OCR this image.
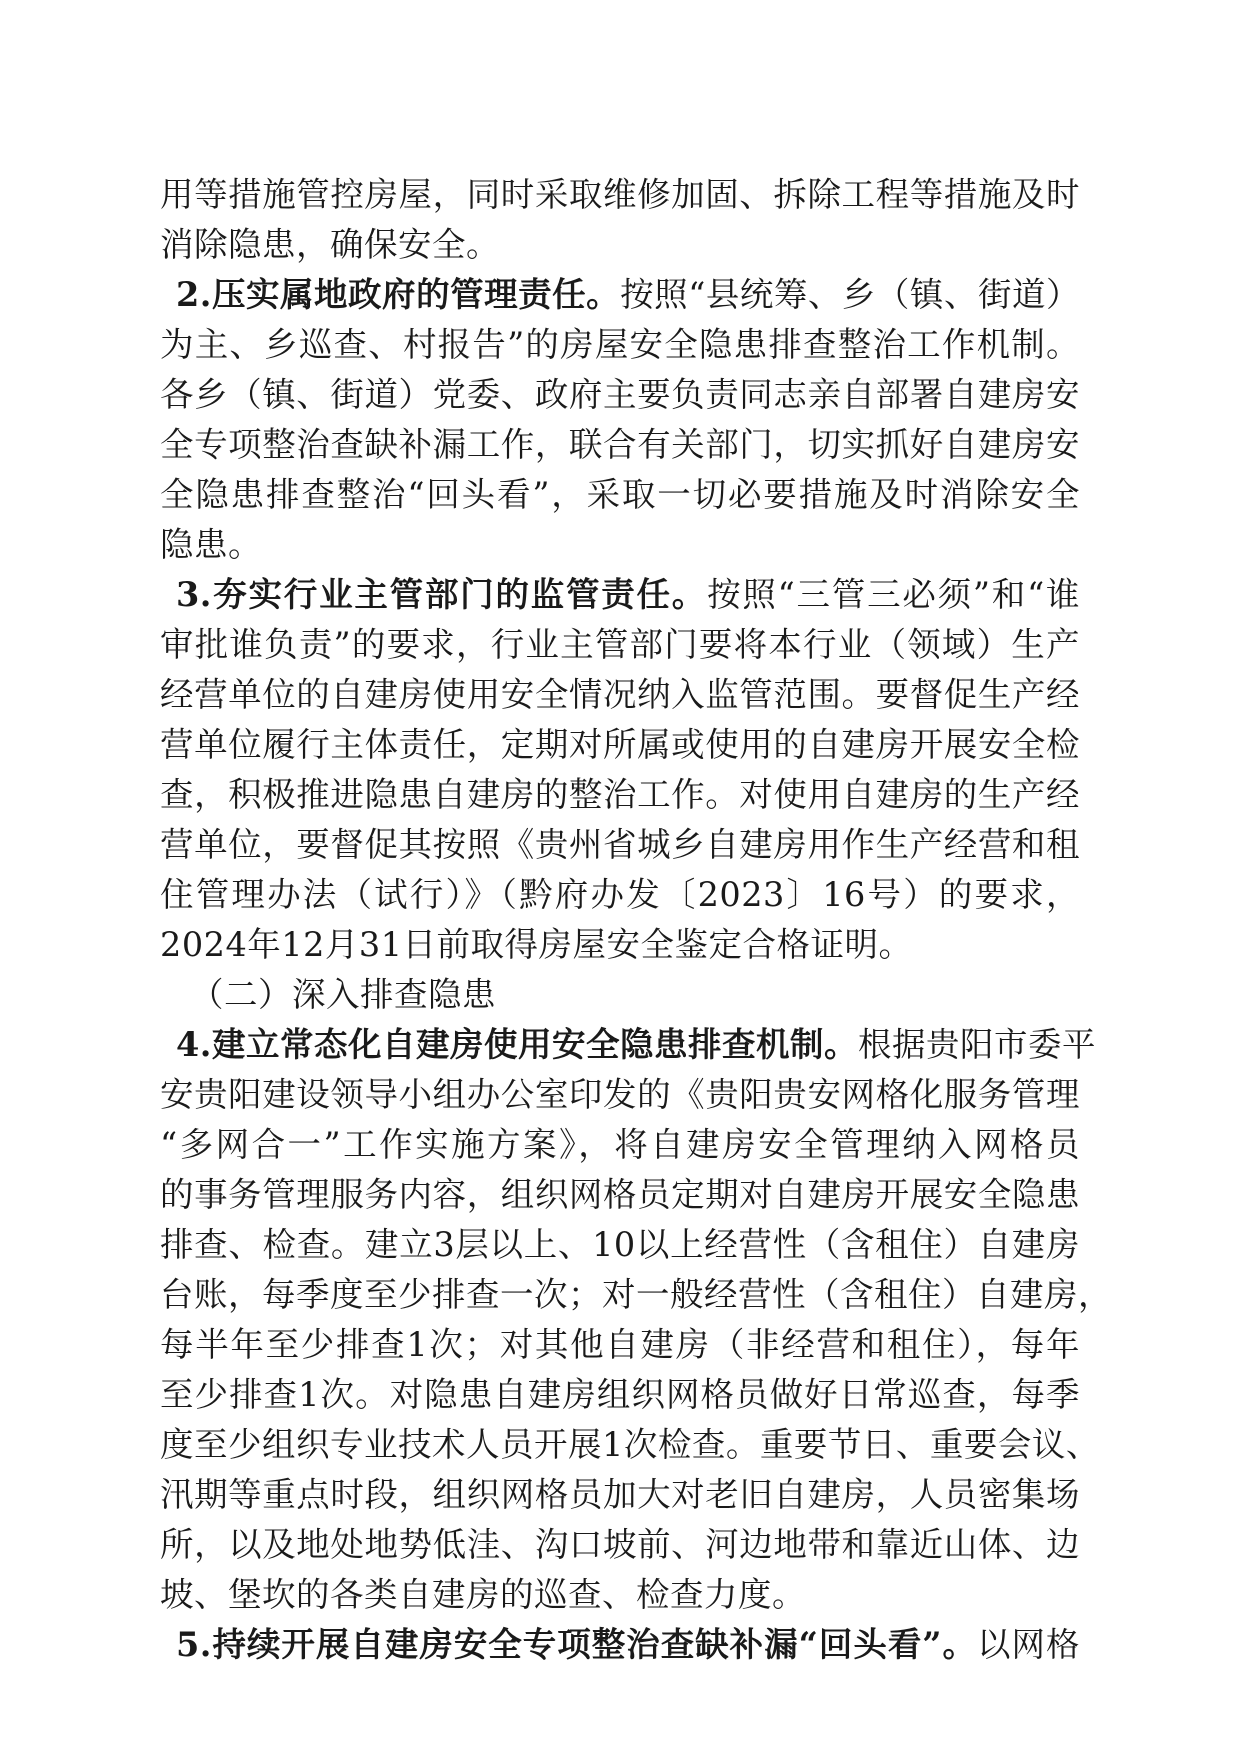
用等措施管控房屋，同时采取维修加固、拆除工程等措施及时
消除隐患，确保安全。
2.压实属地政府的管理责任。按照“县统筹、乡（镇、街道）
为主、乡巡查、村报告”的房屋安全隐患排查整治工作机制。
各乡（镇、街道）党委、政府主要负责同志亲自部署自建房安
全专项整治查缺补漏工作，联合有关部门，切实抓好自建房安
全隐患排查整治“回头看”，采取一切必要措施及时消除安全
隐患。
3.夯实行业主管部门的监管责任。按照“三管三必须”和“谁
审批谁负责”的要求，行业主管部门要将本行业（领域）生产
经营单位的自建房使用安全情况纳入监管范围。要督促生产经
营单位履行主体责任，定期对所属或使用的自建房开展安全检
查，积极推进隐患自建房的整治工作。对使用自建房的生产经
营单位，要督促其按照《贵州省城乡自建房用作生产经营和租
住管理办法（试行）》（黔府办发〔2023〕16号）的要求，
2024年12月31日前取得房屋安全鉴定合格证明。
（二）深入排查隐患
4.建立常态化自建房使用安全隐患排查机制。根据贵阳市委平
安贵阳建设领导小组办公室印发的《贵阳贵安网格化服务管理
“多网合一”工作实施方案》，将自建房安全管理纳入网格员
的事务管理服务内容，组织网格员定期对自建房开展安全隐患
排查、检查。建立3层以上、10以上经营性（含租住）自建房
台账，每季度至少排查一次；对一般经营性（含租住）自建房，
每半年至少排查1次；对其他自建房（非经营和租住），每年
至少排查1次。对隐患自建房组织网格员做好日常巡查，每季
度至少组织专业技术人员开展1次检查。重要节日、重要会议、
汛期等重点时段，组织网格员加大对老旧自建房，人员密集场
所，以及地处地势低洼、沟口坡前、河边地带和靠近山体、边
坡、堡坎的各类自建房的巡查、检查力度。
5.持续开展自建房安全专项整治查缺补漏“回头看”。以网格
